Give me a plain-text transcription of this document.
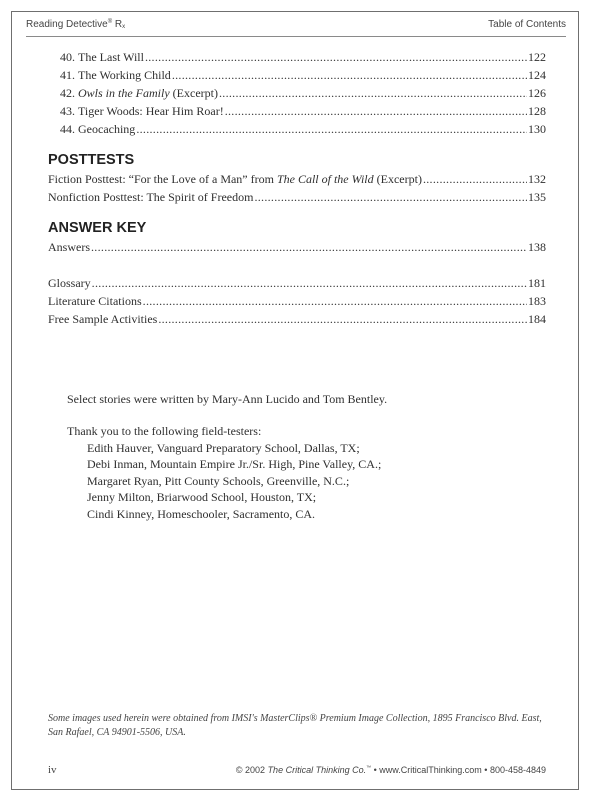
Reading Detective® Rx	Table of Contents
40. The Last Will .....	122
41. The Working Child .....	124
42. Owls in the Family (Excerpt) .....	126
43. Tiger Woods: Hear Him Roar! .....	128
44. Geocaching .....	130
POSTTESTS
Fiction Posttest: “For the Love of a Man” from The Call of the Wild (Excerpt) .....	132
Nonfiction Posttest: The Spirit of Freedom .....	135
ANSWER KEY
Answers .....	138
Glossary .....	181
Literature Citations .....	183
Free Sample Activities .....	184
Select stories were written by Mary-Ann Lucido and Tom Bentley.
Thank you to the following field-testers:
Edith Hauver, Vanguard Preparatory School, Dallas, TX;
Debi Inman, Mountain Empire Jr./Sr. High, Pine Valley, CA.;
Margaret Ryan, Pitt County Schools, Greenville, N.C.;
Jenny Milton, Briarwood School, Houston, TX;
Cindi Kinney, Homeschooler, Sacramento, CA.
Some images used herein were obtained from IMSI's MasterClips® Premium Image Collection, 1895 Francisco Blvd. East, San Rafael, CA 94901-5506, USA.
iv	© 2002 The Critical Thinking Co.™ • www.CriticalThinking.com • 800-458-4849
